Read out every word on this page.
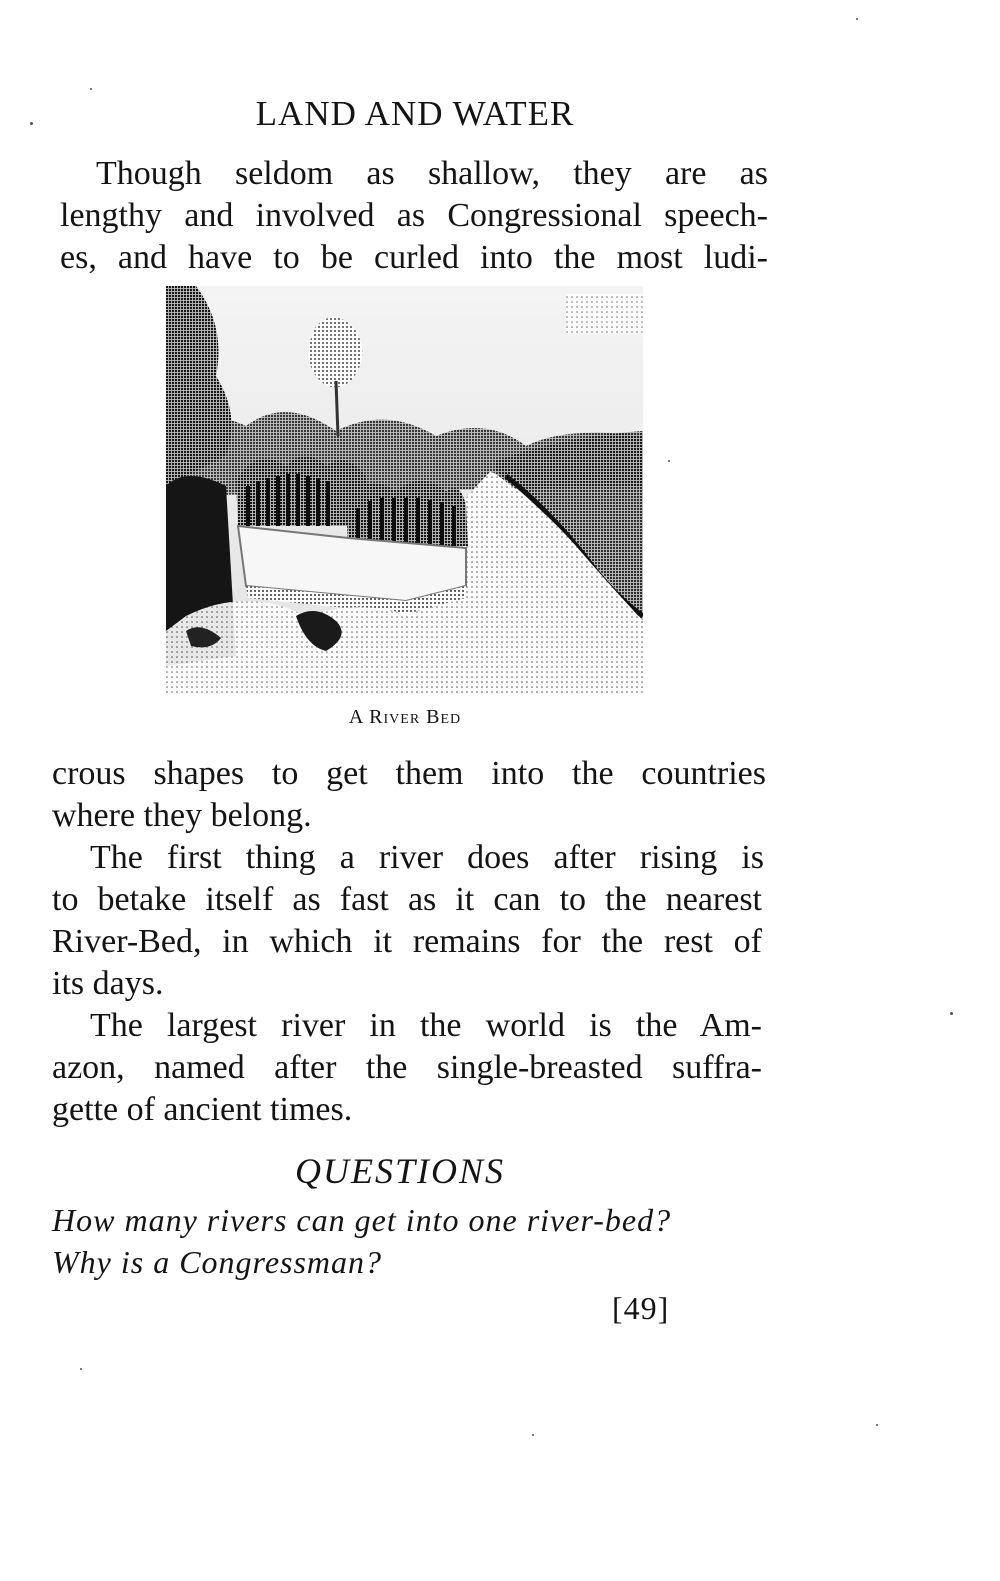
LAND AND WATER
Though seldom as shallow, they are as
lengthy and involved as Congressional speech-
es, and have to be curled into the most ludi-
A River Bed
crous shapes to get them into the countries
where they belong.
The first thing a river does after rising is
to betake itself as fast as it can to the nearest
River-Bed, in which it remains for the rest of
its days.
The largest river in the world is the Am-
azon, named after the single-breasted suffra-
gette of ancient times.
QUESTIONS
How many rivers can get into one river-bed?
Why is a Congressman?
[49]
